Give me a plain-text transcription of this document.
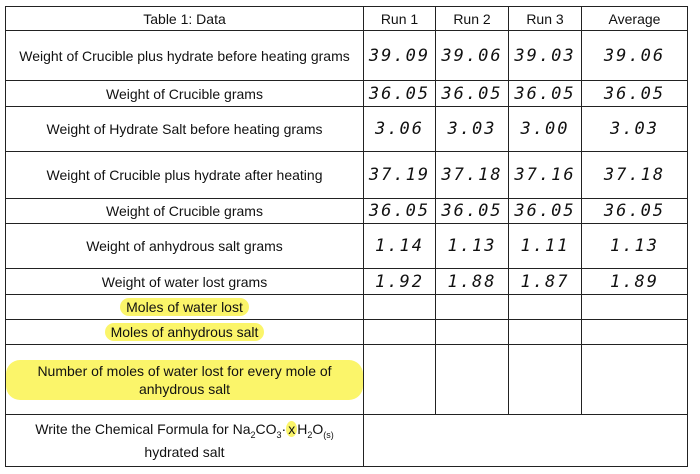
Table 1: Data	Run 1	Run 2	Run 3	Average
Weight of Crucible plus hydrate before heating grams	39.09	39.06	39.03	39.06
Weight of Crucible grams	36.05	36.05	36.05	36.05
Weight of Hydrate Salt before heating grams	3.06	3.03	3.00	3.03
Weight of Crucible plus hydrate after heating	37.19	37.18	37.16	37.18
Weight of Crucible grams	36.05	36.05	36.05	36.05
Weight of anhydrous salt grams	1.14	1.13	1.11	1.13
Weight of water lost grams	1.92	1.88	1.87	1.89
Moles of water lost				
Moles of anhydrous salt				
Number of moles of water lost for every mole of anhydrous salt				
Write the Chemical Formula for $Na_2CO_3\cdot x$ $H_2O_{(s)}$
hydrated salt				
